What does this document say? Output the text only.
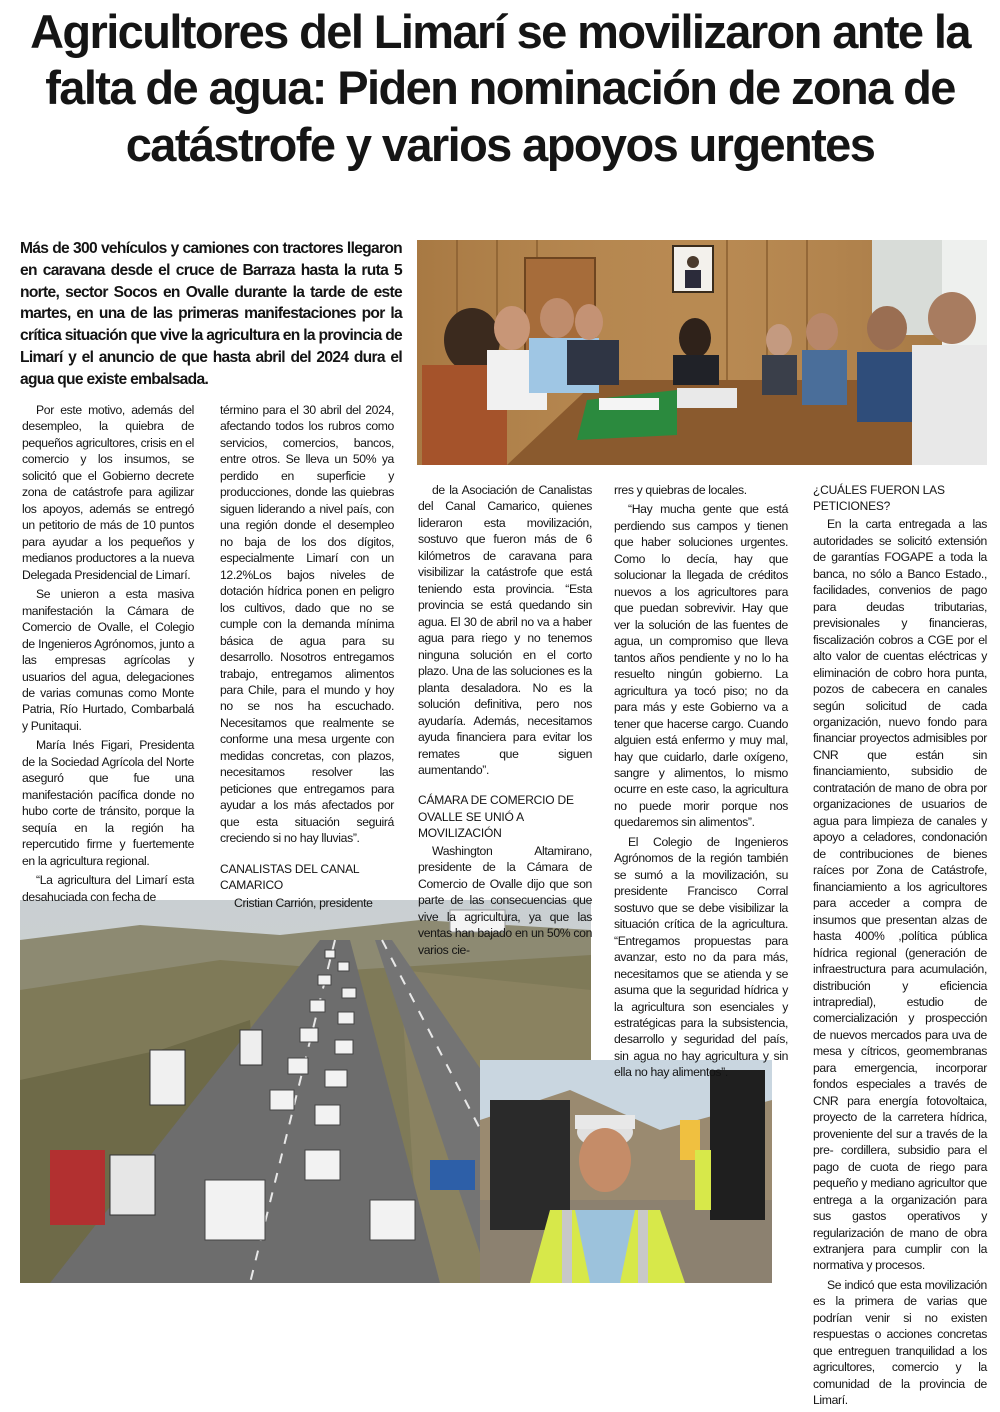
Agricultores del Limarí se movilizaron ante la falta de agua: Piden nominación de zona de catástrofe y varios apoyos urgentes

Más de 300 vehículos y camiones con tractores llegaron en caravana desde el cruce de Barraza hasta la ruta 5 norte, sector Socos en Ovalle durante la tarde de este martes, en una de las primeras manifestaciones por la crítica situación que vive la agricultura en la provincia de Limarí y el anuncio de que hasta abril del 2024 dura el agua que existe embalsada.

Por este motivo, además del desempleo, la quiebra de pequeños agricultores, crisis en el comercio y los insumos, se solicitó que el Gobierno decrete zona de catástrofe para agilizar los apoyos, además se entregó un petitorio de más de 10 puntos para ayudar a los pequeños y medianos productores a la nueva Delegada Presidencial de Limarí.

Se unieron a esta masiva manifestación la Cámara de Comercio de Ovalle, el Colegio de Ingenieros Agrónomos, junto a las empresas agrícolas y usuarios del agua, delegaciones de varias comunas como Monte Patria, Río Hurtado, Combarbalá y Punitaqui.

María Inés Figari, Presidenta de la Sociedad Agrícola del Norte aseguró que fue una manifestación pacífica donde no hubo corte de tránsito, porque la sequía en la región ha repercutido firme y fuertemente en la agricultura regional.

“La agricultura del Limarí esta desahuciada con fecha de

término para el 30 abril del 2024, afectando todos los rubros como servicios, comercios, bancos, entre otros. Se lleva un 50% ya perdido en superficie y producciones, donde las quiebras siguen liderando a nivel país, con una región donde el desempleo no baja de los dos dígitos, especialmente Limarí con un 12.2%Los bajos niveles de dotación hídrica ponen en peligro los cultivos, dado que no se cumple con la demanda mínima básica de agua para su desarrollo. Nosotros entregamos trabajo, entregamos alimentos para Chile, para el mundo y hoy no se nos ha escuchado. Necesitamos que realmente se conforme una mesa urgente con medidas concretas, con plazos, necesitamos resolver las peticiones que entregamos para ayudar a los más afectados por que esta situación seguirá creciendo si no hay lluvias”.

CANALISTAS DEL CANAL CAMARICO

Cristian Carrión, presidente

de la Asociación de Canalistas del Canal Camarico, quienes lideraron esta movilización, sostuvo que fueron más de 6 kilómetros de caravana para visibilizar la catástrofe que está teniendo esta provincia. “Esta provincia se está quedando sin agua. El 30 de abril no va a haber agua para riego y no tenemos ninguna solución en el corto plazo. Una de las soluciones es la planta desaladora. No es la solución definitiva, pero nos ayudaría. Además, necesitamos ayuda financiera para evitar los remates que siguen aumentando”.

CÁMARA DE COMERCIO DE OVALLE SE UNIÓ A MOVILIZACIÓN

Washington Altamirano, presidente de la Cámara de Comercio de Ovalle dijo que son parte de las consecuencias que vive la agricultura, ya que las ventas han bajado en un 50% con varios cie-

rres y quiebras de locales.

“Hay mucha gente que está perdiendo sus campos y tienen que haber soluciones urgentes. Como lo decía, hay que solucionar la llegada de créditos nuevos a los agricultores para que puedan sobrevivir. Hay que ver la solución de las fuentes de agua, un compromiso que lleva tantos años pendiente y no lo ha resuelto ningún gobierno. La agricultura ya tocó piso; no da para más y este Gobierno va a tener que hacerse cargo. Cuando alguien está enfermo y muy mal, hay que cuidarlo, darle oxígeno, sangre y alimentos, lo mismo ocurre en este caso, la agricultura no puede morir porque nos quedaremos sin alimentos”.

El Colegio de Ingenieros Agrónomos de la región también se sumó a la movilización, su presidente Francisco Corral sostuvo que se debe visibilizar la situación crítica de la agricultura. “Entregamos propuestas para avanzar, esto no da para más, necesitamos que se atienda y se asuma que la seguridad hídrica y la agricultura son esenciales y estratégicas para la subsistencia, desarrollo y seguridad del país, sin agua no hay agricultura y sin ella no hay alimentos”.

¿CUÁLES FUERON LAS PETICIONES?

En la carta entregada a las autoridades se solicitó extensión de garantías FOGAPE a toda la banca, no sólo a Banco Estado., facilidades, convenios de pago para deudas tributarias, previsionales y financieras, fiscalización cobros a CGE por el alto valor de cuentas eléctricas y eliminación de cobro hora punta, pozos de cabecera en canales según solicitud de cada organización, nuevo fondo para financiar proyectos admisibles por CNR que están sin financiamiento, subsidio de contratación de mano de obra por organizaciones de usuarios de agua para limpieza de canales y apoyo a celadores, condonación de contribuciones de bienes raíces por Zona de Catástrofe, financiamiento a los agricultores para acceder a compra de insumos que presentan alzas de hasta 400% ,política pública hídrica regional (generación de infraestructura para acumulación, distribución y eficiencia intrapredial), estudio de comercialización y prospección de nuevos mercados para uva de mesa y cítricos, geomembranas para emergencia, incorporar fondos especiales a través de CNR para energía fotovoltaica, proyecto de la carretera hídrica, proveniente del sur a través de la pre- cordillera, subsidio para el pago de cuota de riego para pequeño y mediano agricultor que entrega a la organización para sus gastos operativos y regularización de mano de obra extranjera para cumplir con la normativa y procesos.

Se indicó que esta movilización es la primera de varias que podrían venir si no existen respuestas o acciones concretas que entreguen tranquilidad a los agricultores, comercio y la comunidad de la provincia de Limarí.
